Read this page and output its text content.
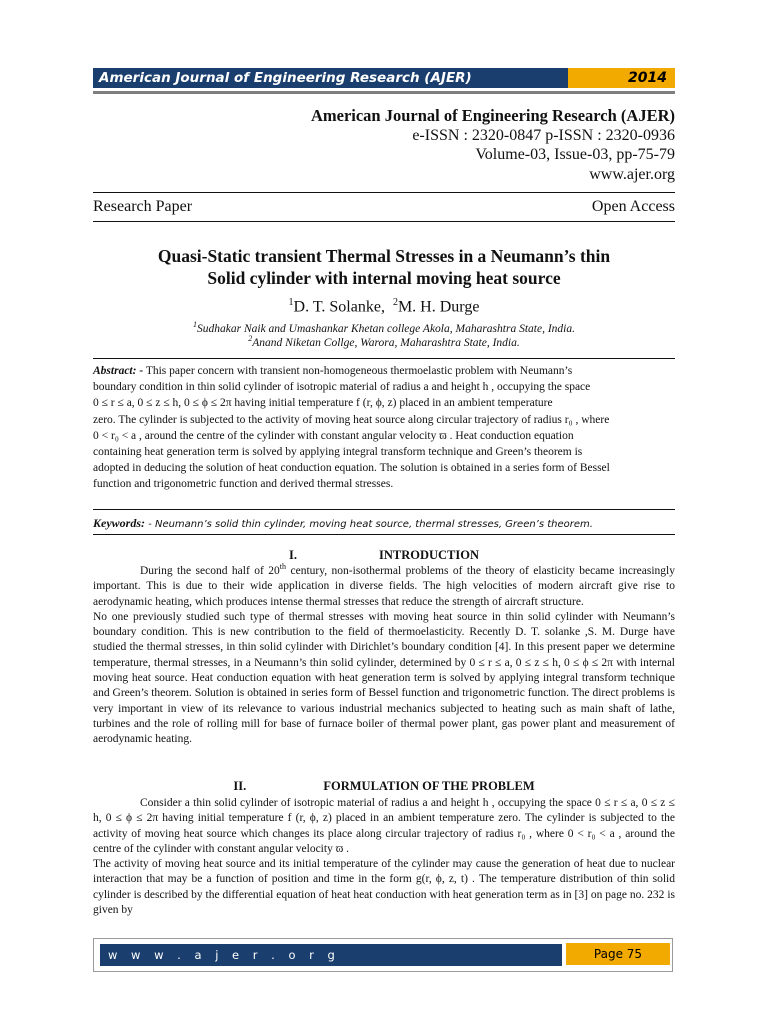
American Journal of Engineering Research (AJER)	2014
American Journal of Engineering Research (AJER)
e-ISSN : 2320-0847 p-ISSN : 2320-0936
Volume-03, Issue-03, pp-75-79
www.ajer.org
Research Paper	Open Access
Quasi-Static transient Thermal Stresses in a Neumann’s thin
Solid cylinder with internal moving heat source
$^1$D. T. Solanke, $^2$M. H. Durge
$^1$Sudhakar Naik and Umashankar Khetan college Akola, Maharashtra State, India.
$^2$Anand Niketan Collge, Warora, Maharashtra State, India.

Abstract: - This paper concern with transient non-homogeneous thermoelastic problem with Neumann’s

boundary condition in thin solid cylinder of isotropic material of radius a and height h , occupying the space

0 ≤ r ≤ a, 0 ≤ z ≤ h, 0 ≤ ϕ ≤ 2π having initial temperature f (r, ϕ, z) placed in an ambient temperature

zero. The cylinder is subjected to the activity of moving heat source along circular trajectory of radius r₀ , where

0 < r₀ < a , around the centre of the cylinder with constant angular velocity ϖ . Heat conduction equation

containing heat generation term is solved by applying integral transform technique and Green’s theorem is

adopted in deducing the solution of heat conduction equation. The solution is obtained in a series form of Bessel

function and trigonometric function and derived thermal stresses.

Keywords: - Neumann’s solid thin cylinder, moving heat source, thermal stresses, Green’s theorem.
I.	INTRODUCTION

During the second half of 20th century, non-isothermal problems of the theory of elasticity became increasingly important. This is due to their wide application in diverse fields. The high velocities of modern aircraft give rise to aerodynamic heating, which produces intense thermal stresses that reduce the strength of aircraft structure.

No one previously studied such type of thermal stresses with moving heat source in thin solid cylinder with Neumann’s boundary condition. This is new contribution to the field of thermoelasticity. Recently D. T. solanke ,S. M. Durge have studied the thermal stresses, in thin solid cylinder with Dirichlet’s boundary condition [4]. In this present paper we determine temperature, thermal stresses, in a Neumann’s thin solid cylinder, determined by 0 ≤ r ≤ a, 0 ≤ z ≤ h, 0 ≤ ϕ ≤ 2π with internal moving heat source. Heat conduction equation with heat generation term is solved by applying integral transform technique and Green’s theorem. Solution is obtained in series form of Bessel function and trigonometric function. The direct problems is very important in view of its relevance to various industrial mechanics subjected to heating such as main shaft of lathe, turbines and the role of rolling mill for base of furnace boiler of thermal power plant, gas power plant and measurement of aerodynamic heating.

II.	FORMULATION OF THE PROBLEM

Consider a thin solid cylinder of isotropic material of radius a and height h , occupying the space 0 ≤ r ≤ a, 0 ≤ z ≤ h, 0 ≤ ϕ ≤ 2π having initial temperature f (r, ϕ, z) placed in an ambient temperature zero. The cylinder is subjected to the activity of moving heat source which changes its place along circular trajectory of radius r₀ , where 0 < r₀ < a , around the centre of the cylinder with constant angular velocity ϖ .

The activity of moving heat source and its initial temperature of the cylinder may cause the generation of heat due to nuclear interaction that may be a function of position and time in the form g(r, ϕ, z, t) . The temperature distribution of thin solid cylinder is described by the differential equation of heat heat conduction with heat generation term as in [3] on page no. 232 is given by

w w w . a j e r . o r g	Page 75
